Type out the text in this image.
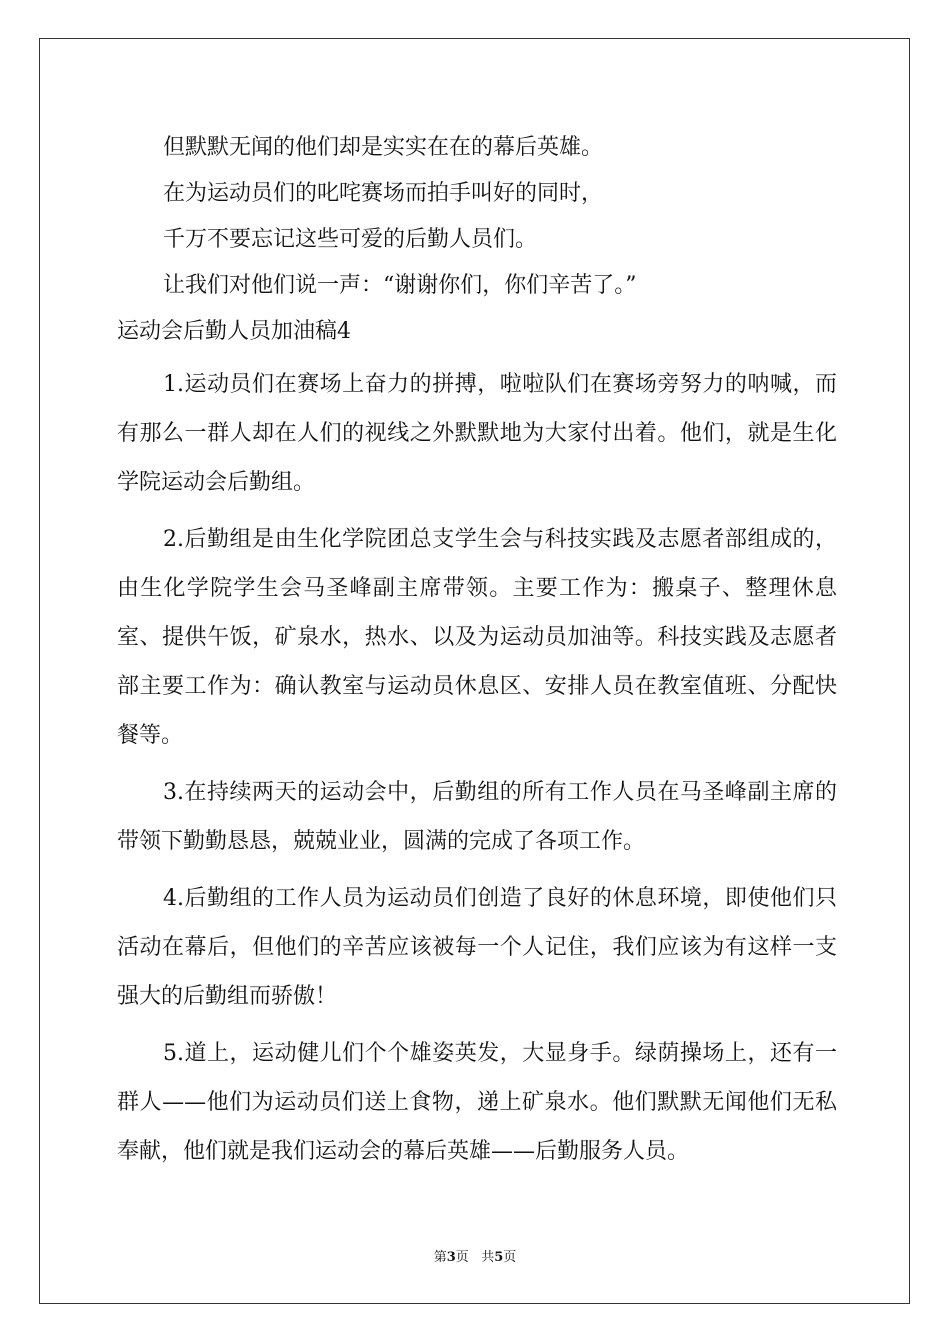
但默默无闻的他们却是实实在在的幕后英雄。
在为运动员们的叱咤赛场而拍手叫好的同时，
千万不要忘记这些可爱的后勤人员们。
让我们对他们说一声：“谢谢你们，你们辛苦了。”
运动会后勤人员加油稿4

1.运动员们在赛场上奋力的拼搏，啦啦队们在赛场旁努力的呐喊，而有那么一群人却在人们的视线之外默默地为大家付出着。他们，就是生化学院运动会后勤组。

2.后勤组是由生化学院团总支学生会与科技实践及志愿者部组成的，由生化学院学生会马圣峰副主席带领。主要工作为：搬桌子、整理休息室、提供午饭，矿泉水，热水、以及为运动员加油等。科技实践及志愿者部主要工作为：确认教室与运动员休息区、安排人员在教室值班、分配快餐等。

3.在持续两天的运动会中，后勤组的所有工作人员在马圣峰副主席的带领下勤勤恳恳，兢兢业业，圆满的完成了各项工作。

4.后勤组的工作人员为运动员们创造了良好的休息环境，即使他们只活动在幕后，但他们的辛苦应该被每一个人记住，我们应该为有这样一支强大的后勤组而骄傲！

5.道上，运动健儿们个个雄姿英发，大显身手。绿荫操场上，还有一群人——他们为运动员们送上食物，递上矿泉水。他们默默无闻他们无私奉献，他们就是我们运动会的幕后英雄——后勤服务人员。

第3页 共5页
